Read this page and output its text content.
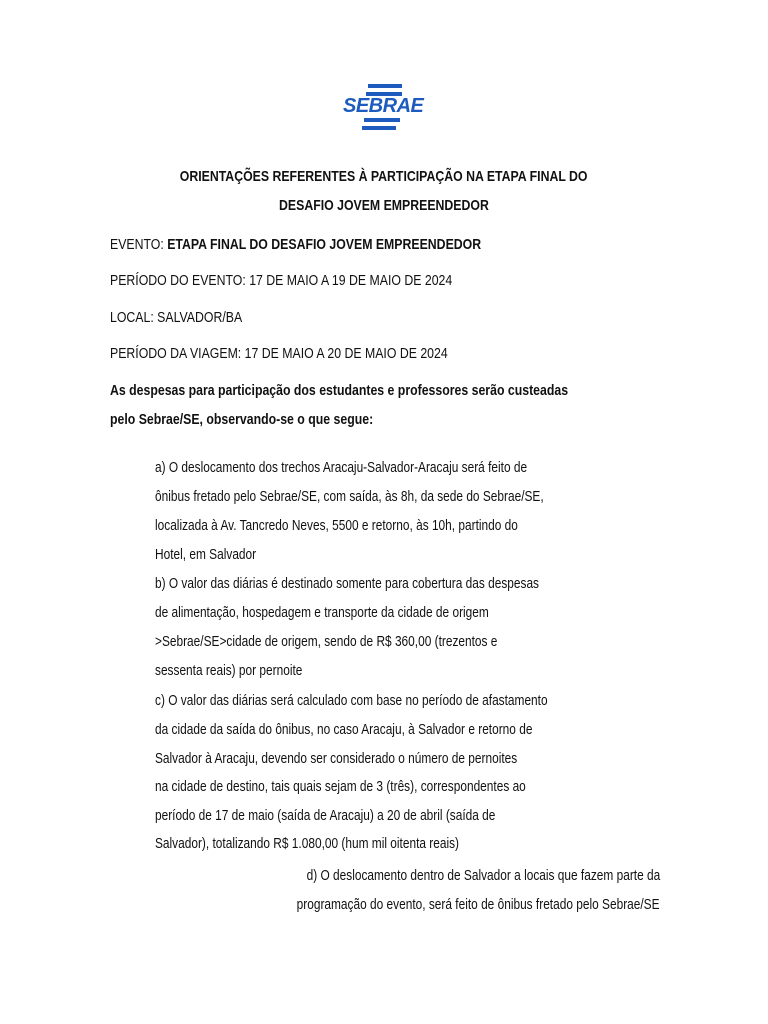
SEBRAE
ORIENTAÇÕES REFERENTES À PARTICIPAÇÃO NA ETAPA FINAL DO
DESAFIO JOVEM EMPREENDEDOR
EVENTO: ETAPA FINAL DO DESAFIO JOVEM EMPREENDEDOR
PERÍODO DO EVENTO: 17 DE MAIO A 19 DE MAIO DE 2024
LOCAL: SALVADOR/BA
PERÍODO DA VIAGEM: 17 DE MAIO A 20 DE MAIO DE 2024
As despesas para participação dos estudantes e professores serão custeadas
pelo Sebrae/SE, observando-se o que segue:
a) O deslocamento dos trechos Aracaju-Salvador-Aracaju será feito de
ônibus fretado pelo Sebrae/SE, com saída, às 8h, da sede do Sebrae/SE,
localizada à Av. Tancredo Neves, 5500 e retorno, às 10h, partindo do
Hotel, em Salvador
b) O valor das diárias é destinado somente para cobertura das despesas
de alimentação, hospedagem e transporte da cidade de origem
>Sebrae/SE>cidade de origem, sendo de R$ 360,00 (trezentos e
sessenta reais) por pernoite
c) O valor das diárias será calculado com base no período de afastamento
da cidade da saída do ônibus, no caso Aracaju, à Salvador e retorno de
Salvador à Aracaju, devendo ser considerado o número de pernoites
na cidade de destino, tais quais sejam de 3 (três), correspondentes ao
período de 17 de maio (saída de Aracaju) a 20 de abril (saída de
Salvador), totalizando R$ 1.080,00 (hum mil oitenta reais)
d) O deslocamento dentro de Salvador a locais que fazem parte da
programação do evento, será feito de ônibus fretado pelo Sebrae/SE
